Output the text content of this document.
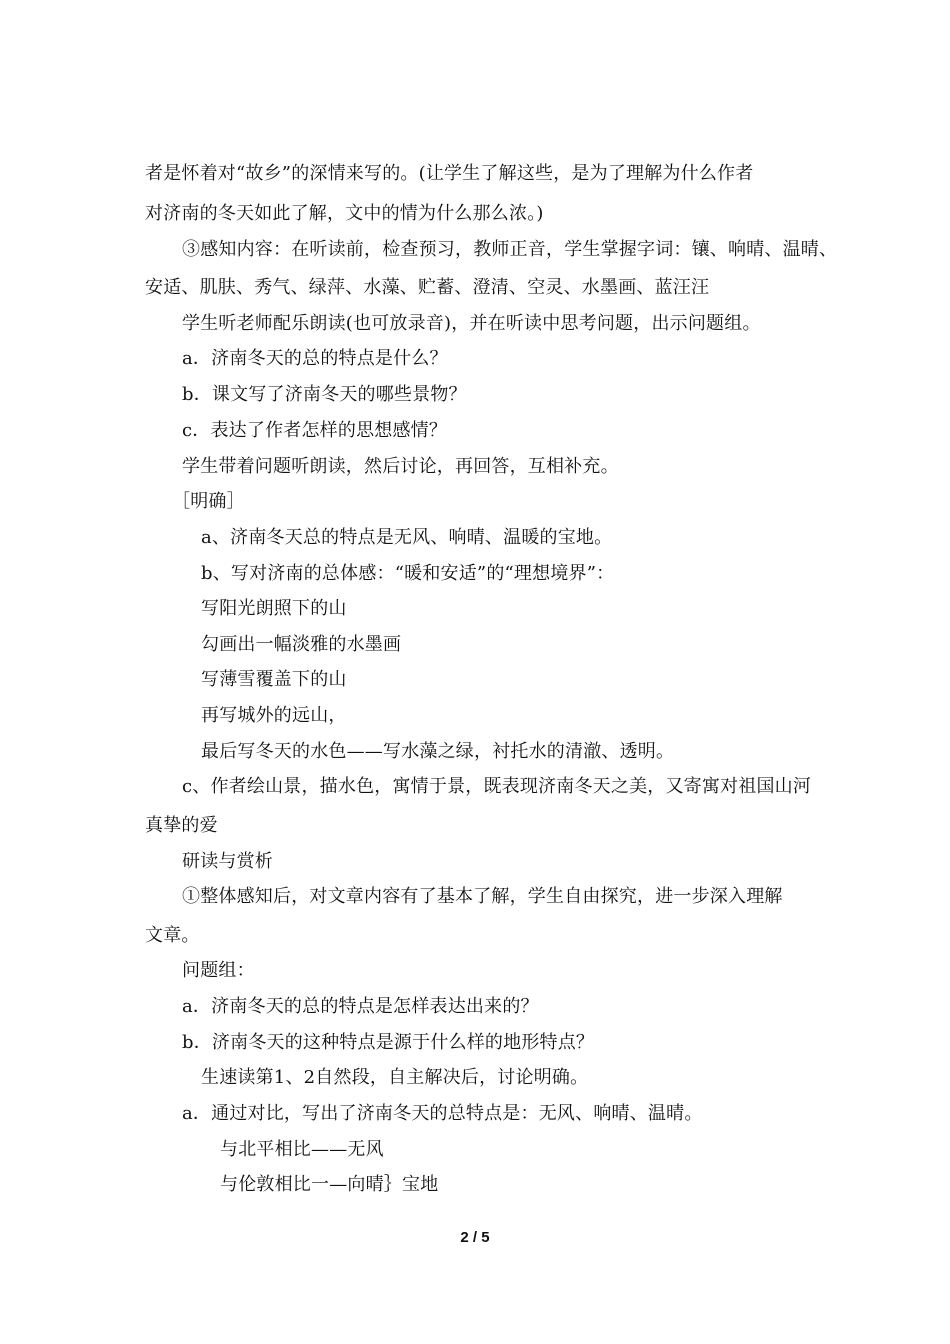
者是怀着对“故乡”的深情来写的。(让学生了解这些，是为了理解为什么作者
对济南的冬天如此了解，文中的情为什么那么浓。)
③感知内容：在听读前，检查预习，教师正音，学生掌握字词：镶、响晴、温晴、
安适、肌肤、秀气、绿萍、水藻、贮蓄、澄清、空灵、水墨画、蓝汪汪
学生听老师配乐朗读(也可放录音)，并在听读中思考问题，出示问题组。
a．济南冬天的总的特点是什么？
b．课文写了济南冬天的哪些景物？
c．表达了作者怎样的思想感情？
学生带着问题听朗读，然后讨论，再回答，互相补充。
［明确］
a、济南冬天总的特点是无风、响晴、温暖的宝地。
b、写对济南的总体感：“暖和安适”的“理想境界”：
写阳光朗照下的山
勾画出一幅淡雅的水墨画
写薄雪覆盖下的山
再写城外的远山，
最后写冬天的水色——写水藻之绿，衬托水的清澈、透明。
c、作者绘山景，描水色，寓情于景，既表现济南冬天之美，又寄寓对祖国山河
真挚的爱
研读与赏析
①整体感知后，对文章内容有了基本了解，学生自由探究，进一步深入理解
文章。
问题组：
a．济南冬天的总的特点是怎样表达出来的？
b．济南冬天的这种特点是源于什么样的地形特点？
生速读第1、2自然段，自主解决后，讨论明确。
a．通过对比，写出了济南冬天的总特点是：无风、响晴、温晴。
与北平相比——无风
与伦敦相比一—向晴｝宝地
2 / 5
